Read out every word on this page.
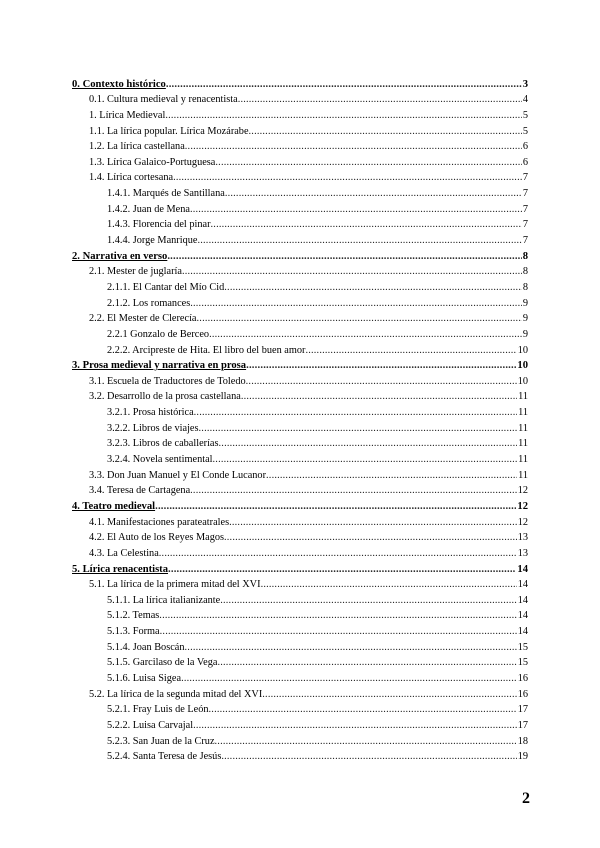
0. Contexto histórico .....	3
0.1. Cultura medieval y renacentista .....	4
1. Lírica Medieval .....	5
1.1. La lírica popular. Lírica Mozárabe .....	5
1.2. La lírica castellana .....	6
1.3. Lírica Galaico-Portuguesa .....	6
1.4. Lírica cortesana .....	7
1.4.1. Marqués de Santillana .....	7
1.4.2. Juan de Mena .....	7
1.4.3. Florencia del pinar .....	7
1.4.4. Jorge Manrique .....	7
2. Narrativa en verso .....	8
2.1. Mester de juglaría .....	8
2.1.1. El Cantar del Mío Cid .....	8
2.1.2. Los romances .....	9
2.2. El Mester de Clerecía .....	9
2.2.1 Gonzalo de Berceo .....	9
2.2.2. Arcipreste de Hita. El libro del buen amor .....	10
3. Prosa medieval y narrativa en prosa .....	10
3.1. Escuela de Traductores de Toledo .....	10
3.2. Desarrollo de la prosa castellana .....	11
3.2.1. Prosa histórica .....	11
3.2.2. Libros de viajes .....	11
3.2.3. Libros de caballerías .....	11
3.2.4. Novela sentimental .....	11
3.3. Don Juan Manuel y El Conde Lucanor .....	11
3.4. Teresa de Cartagena .....	12
4. Teatro medieval .....	12
4.1. Manifestaciones parateatrales .....	12
4.2. El Auto de los Reyes Magos .....	13
4.3. La Celestina .....	13
5. Lírica renacentista .....	14
5.1. La lírica de la primera mitad del XVI .....	14
5.1.1. La lírica italianizante .....	14
5.1.2. Temas .....	14
5.1.3. Forma .....	14
5.1.4. Joan Boscán .....	15
5.1.5. Garcilaso de la Vega .....	15
5.1.6. Luisa Sigea .....	16
5.2. La lírica de la segunda mitad del XVI .....	16
5.2.1. Fray Luis de León .....	17
5.2.2. Luisa Carvajal .....	17
5.2.3. San Juan de la Cruz .....	18
5.2.4. Santa Teresa de Jesús .....	19
2
